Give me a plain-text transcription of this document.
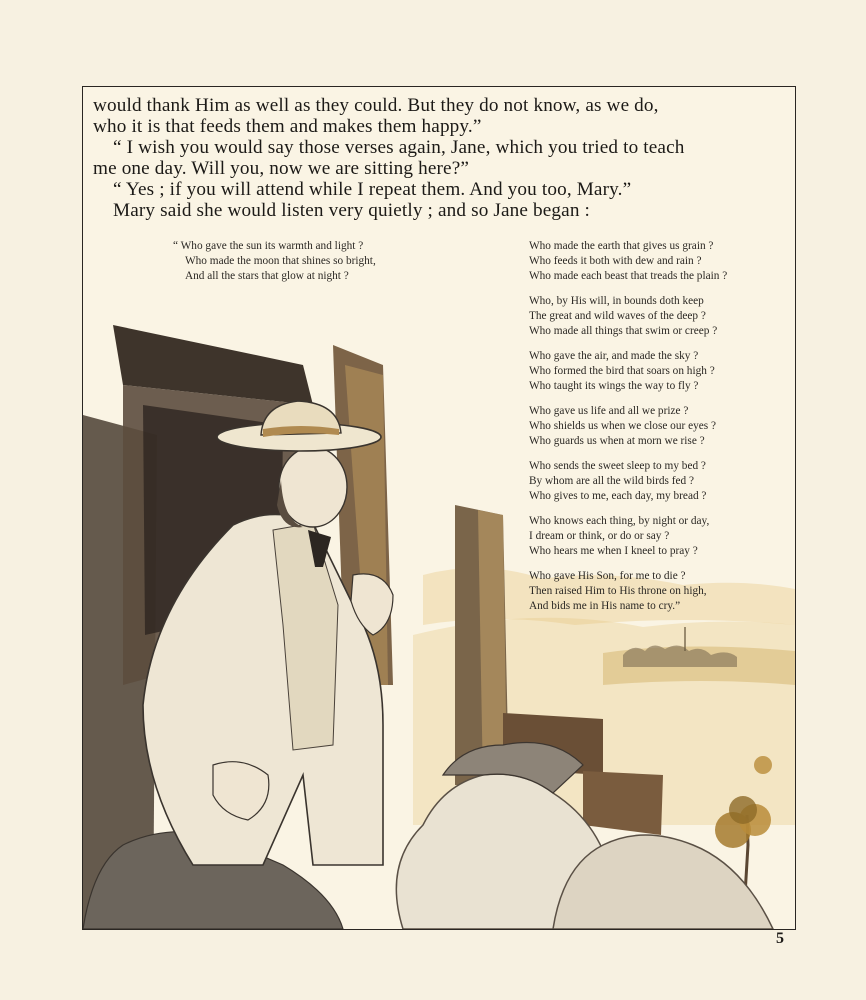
would thank Him as well as they could. But they do not know, as we do,
who it is that feeds them and makes them happy.”
“ I wish you would say those verses again, Jane, which you tried to teach
me one day. Will you, now we are sitting here?”
“ Yes ; if you will attend while I repeat them. And you too, Mary.”
Mary said she would listen very quietly ; and so Jane began :
“ Who gave the sun its warmth and light ?
Who made the moon that shines so bright,
And all the stars that glow at night ?
Who made the earth that gives us grain ?
Who feeds it both with dew and rain ?
Who made each beast that treads the plain ?
Who, by His will, in bounds doth keep
The great and wild waves of the deep ?
Who made all things that swim or creep ?
Who gave the air, and made the sky ?
Who formed the bird that soars on high ?
Who taught its wings the way to fly ?
Who gave us life and all we prize ?
Who shields us when we close our eyes ?
Who guards us when at morn we rise ?
Who sends the sweet sleep to my bed ?
By whom are all the wild birds fed ?
Who gives to me, each day, my bread ?
Who knows each thing, by night or day,
I dream or think, or do or say ?
Who hears me when I kneel to pray ?
Who gave His Son, for me to die ?
Then raised Him to His throne on high,
And bids me in His name to cry.”
5
